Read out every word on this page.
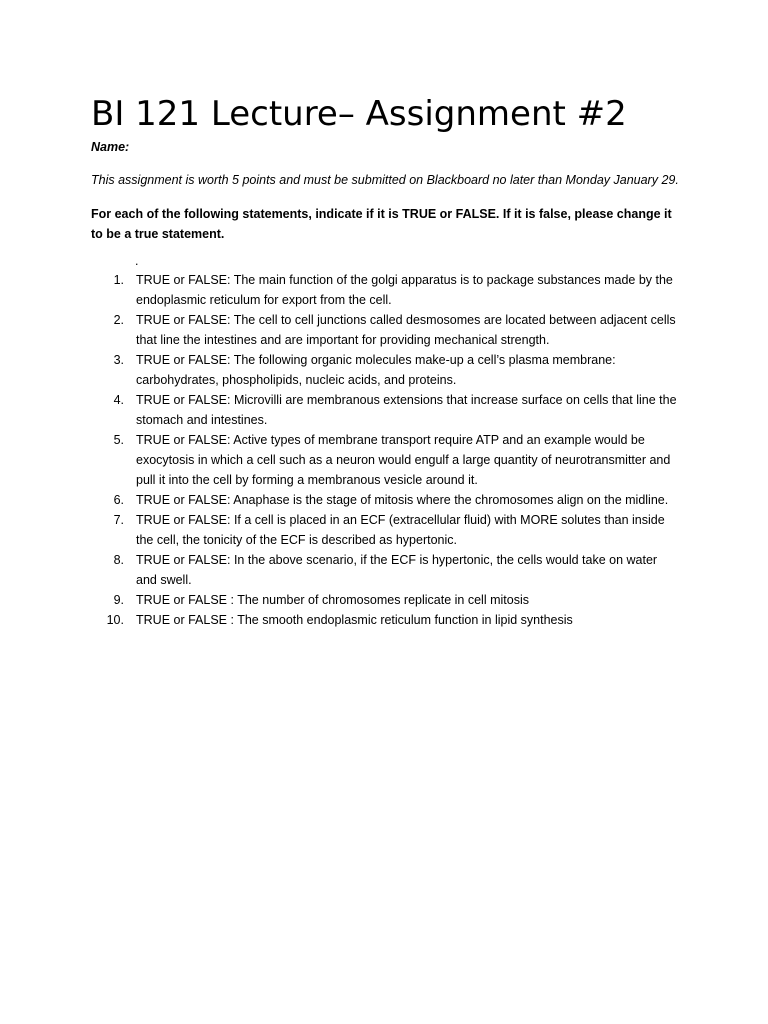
BI 121 Lecture– Assignment #2
Name:
This assignment is worth 5 points and must be submitted on Blackboard no later than Monday January 29.
For each of the following statements, indicate if it is TRUE or FALSE. If it is false, please change it to be a true statement.
.
1. TRUE or FALSE: The main function of the golgi apparatus is to package substances made by the endoplasmic reticulum for export from the cell.
2. TRUE or FALSE: The cell to cell junctions called desmosomes are located between adjacent cells that line the intestines and are important for providing mechanical strength.
3. TRUE or FALSE: The following organic molecules make-up a cell’s plasma membrane: carbohydrates, phospholipids, nucleic acids, and proteins.
4. TRUE or FALSE: Microvilli are membranous extensions that increase surface on cells that line the stomach and intestines.
5. TRUE or FALSE: Active types of membrane transport require ATP and an example would be exocytosis in which a cell such as a neuron would engulf a large quantity of neurotransmitter and pull it into the cell by forming a membranous vesicle around it.
6. TRUE or FALSE: Anaphase is the stage of mitosis where the chromosomes align on the midline.
7. TRUE or FALSE: If a cell is placed in an ECF (extracellular fluid) with MORE solutes than inside the cell, the tonicity of the ECF is described as hypertonic.
8. TRUE or FALSE: In the above scenario, if the ECF is hypertonic, the cells would take on water and swell.
9. TRUE or FALSE : The number of chromosomes replicate in cell mitosis
10. TRUE or FALSE : The smooth endoplasmic reticulum function in lipid synthesis
